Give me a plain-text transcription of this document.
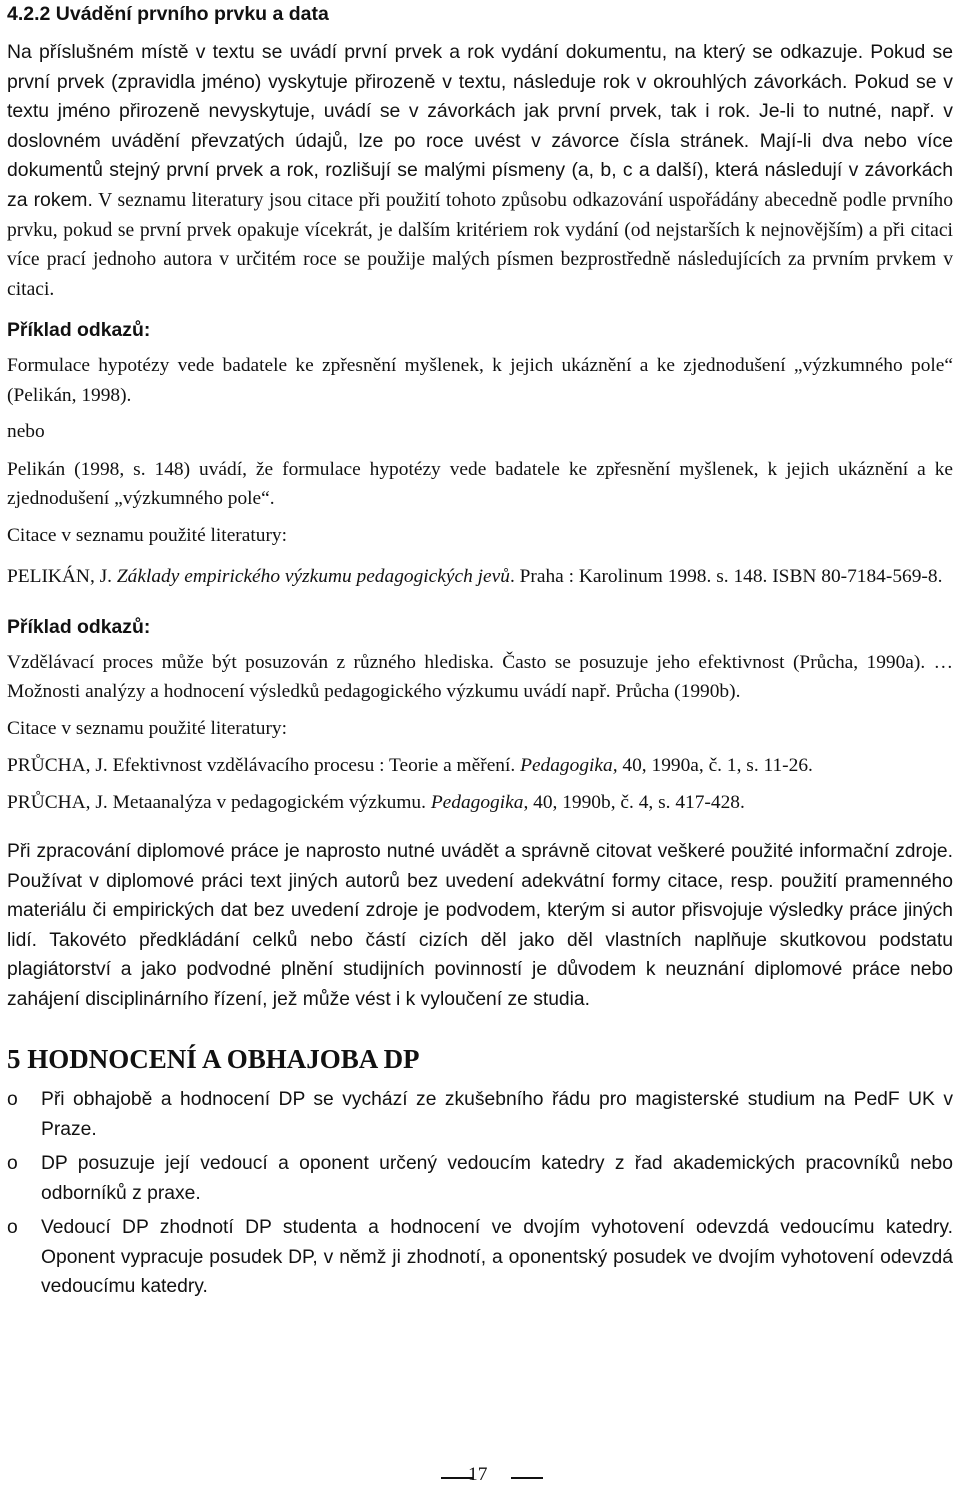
4.2.2 Uvádění prvního prvku a data

Na příslušném místě v textu se uvádí první prvek a rok vydání dokumentu, na který se odkazuje. Pokud se první prvek (zpravidla jméno) vyskytuje přirozeně v textu, následuje rok v okrouhlých závorkách. Pokud se v textu jméno přirozeně nevyskytuje, uvádí se v závorkách jak první prvek, tak i rok. Je-li to nutné, např. v doslovném uvádění převzatých údajů, lze po roce uvést v závorce čísla stránek. Mají-li dva nebo více dokumentů stejný první prvek a rok, rozlišují se malými písmeny (a, b, c a další), která následují v závorkách za rokem. V seznamu literatury jsou citace při použití tohoto způsobu odkazování uspořádány abecedně podle prvního prvku, pokud se první prvek opakuje vícekrát, je dalším kritériem rok vydání (od nejstarších k nejnovějším) a při citaci více prací jednoho autora v určitém roce se použije malých písmen bezprostředně následujících za prvním prvkem v citaci.

Příklad odkazů:

Formulace hypotézy vede badatele ke zpřesnění myšlenek, k jejich ukáznění a ke zjednodušení „výzkumného pole“ (Pelikán, 1998).

nebo

Pelikán (1998, s. 148) uvádí, že formulace hypotézy vede badatele ke zpřesnění myšlenek, k jejich ukáznění a ke zjednodušení „výzkumného pole“.

Citace v seznamu použité literatury:

PELIKÁN, J. Základy empirického výzkumu pedagogických jevů. Praha : Karolinum 1998. s. 148. ISBN 80-7184-569-8.

Příklad odkazů:

Vzdělávací proces může být posuzován z různého hlediska. Často se posuzuje jeho efektivnost (Průcha, 1990a). … Možnosti analýzy a hodnocení výsledků pedagogického výzkumu uvádí např. Průcha (1990b).

Citace v seznamu použité literatury:

PRŮCHA, J. Efektivnost vzdělávacího procesu : Teorie a měření. Pedagogika, 40, 1990a, č. 1, s. 11-26.

PRŮCHA, J. Metaanalýza v pedagogickém výzkumu. Pedagogika, 40, 1990b, č. 4, s. 417-428.

Při zpracování diplomové práce je naprosto nutné uvádět a správně citovat veškeré použité informační zdroje. Používat v diplomové práci text jiných autorů bez uvedení adekvátní formy citace, resp. použití pramenného materiálu či empirických dat bez uvedení zdroje je podvodem, kterým si autor přisvojuje výsledky práce jiných lidí. Takovéto předkládání celků nebo částí cizích děl jako děl vlastních naplňuje skutkovou podstatu plagiátorství a jako podvodné plnění studijních povinností je důvodem k neuznání diplomové práce nebo zahájení disciplinárního řízení, jež může vést i k vyloučení ze studia.

5 HODNOCENÍ A OBHAJOBA DP
o Při obhajobě a hodnocení DP se vychází ze zkušebního řádu pro magisterské studium na PedF UK v Praze.
o DP posuzuje její vedoucí a oponent určený vedoucím katedry z řad akademických pracovníků nebo odborníků z praxe.
o Vedoucí DP zhodnotí DP studenta a hodnocení ve dvojím vyhotovení odevzdá vedoucímu katedry. Oponent vypracuje posudek DP, v němž ji zhodnotí, a oponentský posudek ve dvojím vyhotovení odevzdá vedoucímu katedry.
17
